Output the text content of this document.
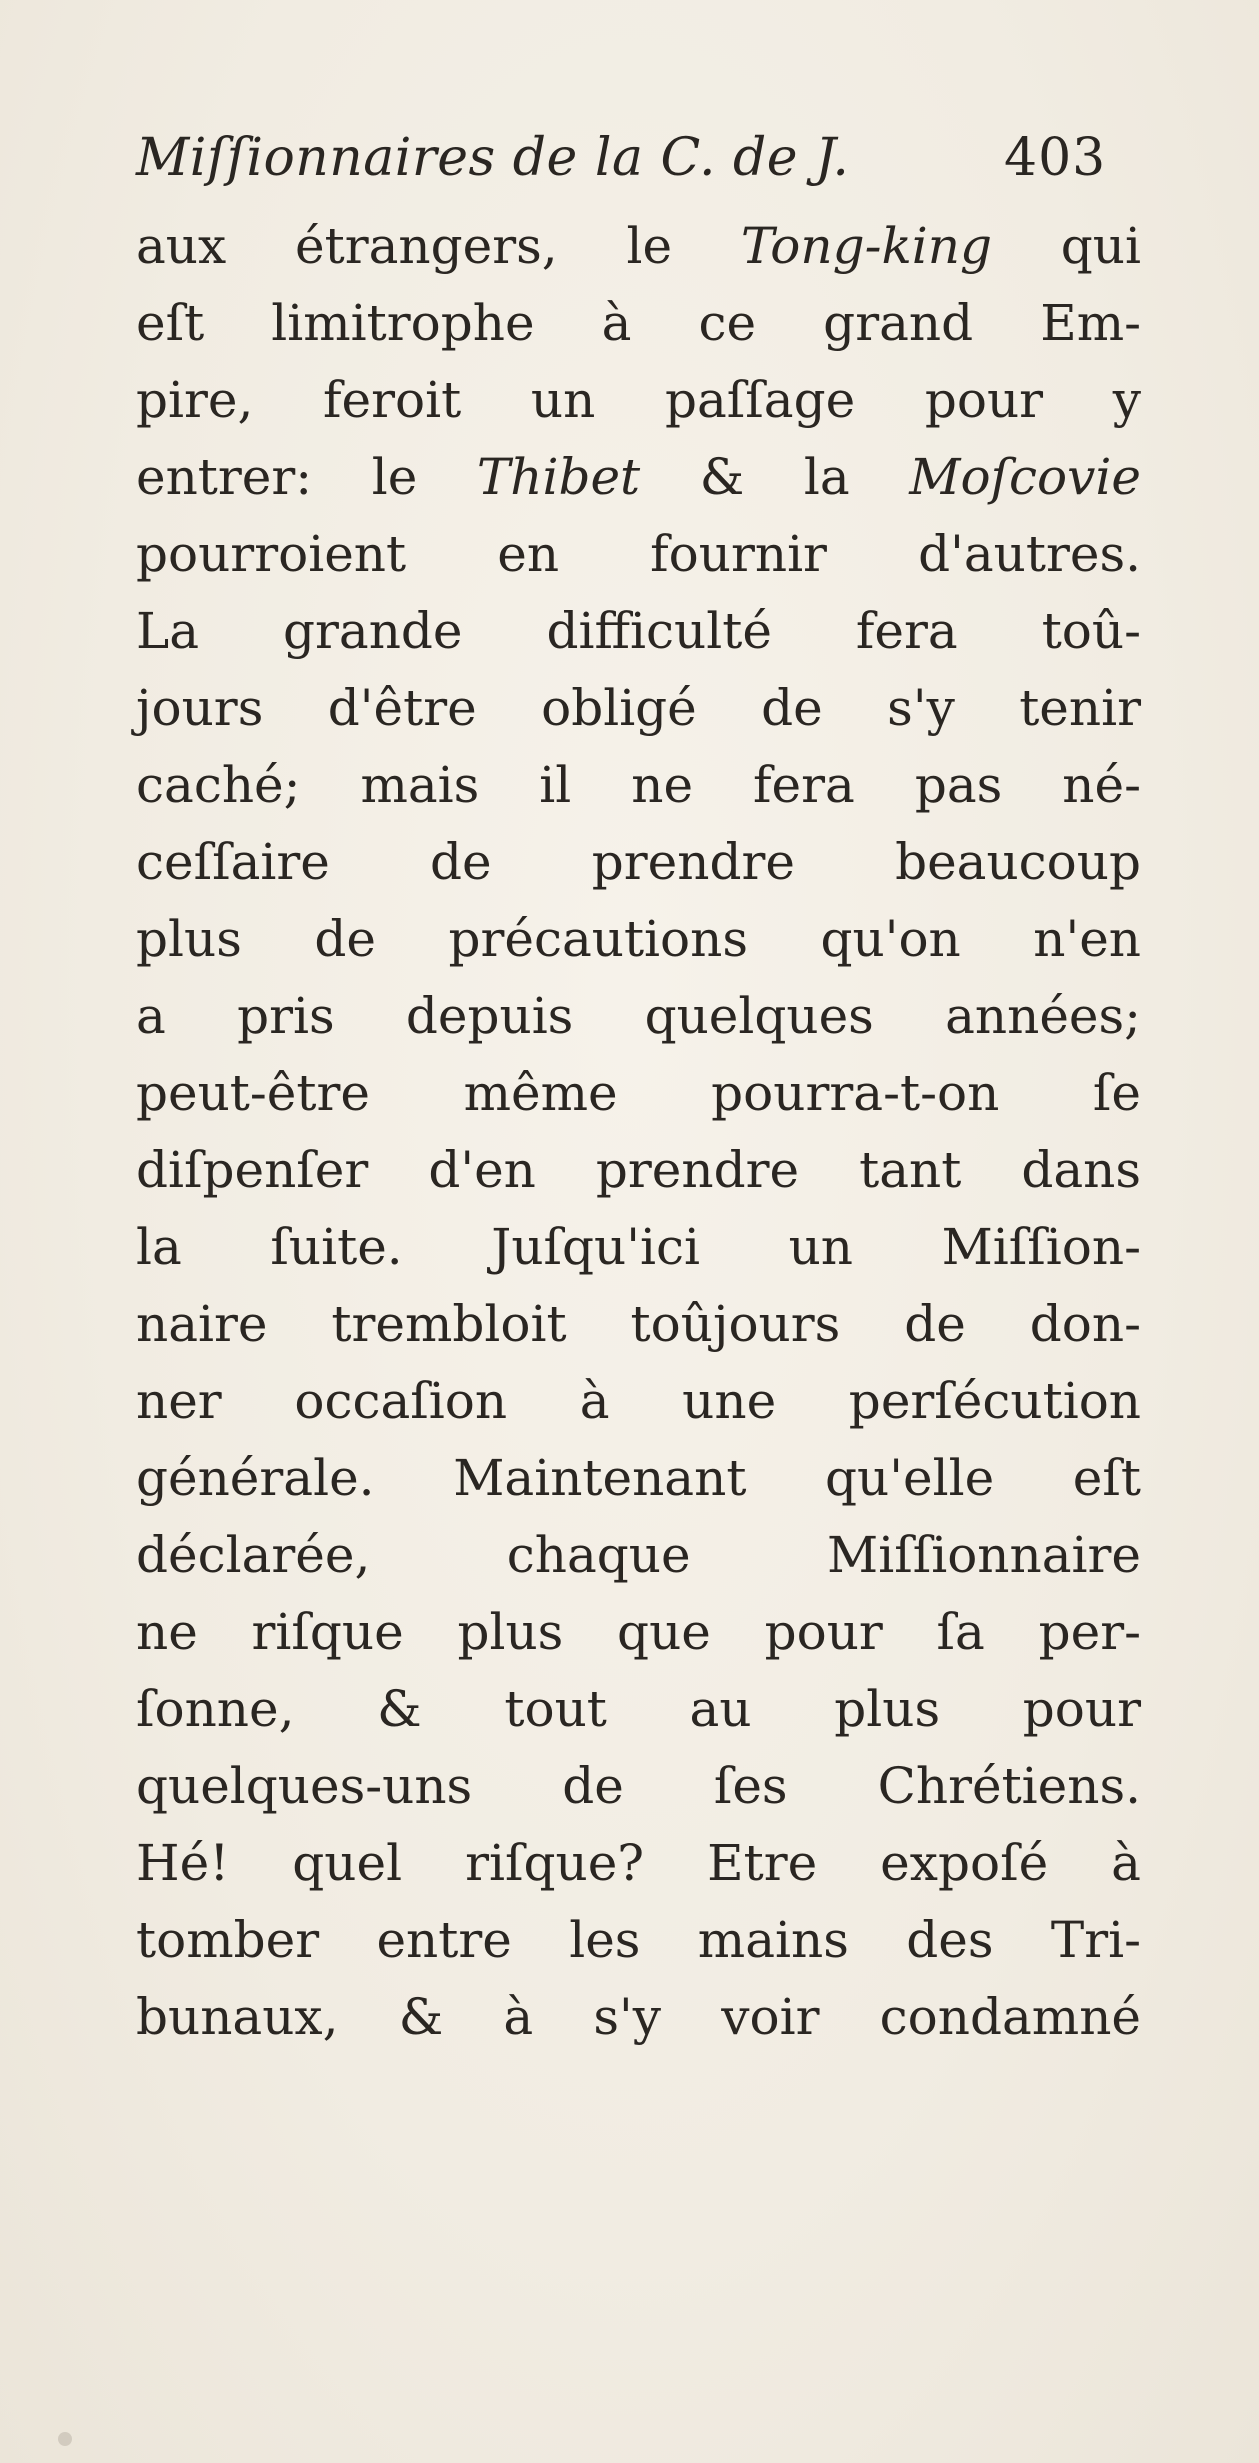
Miſſionnaires de la C. de J.	403
aux étrangers, le Tong-king qui
eſt limitrophe à ce grand Em-
pire, feroit un paſſage pour y
entrer: le Thibet & la Moſcovie
pourroient en fournir d'autres.
La grande difficulté fera toû-
jours d'être obligé de s'y tenir
caché; mais il ne fera pas né-
ceſſaire de prendre beaucoup
plus de précautions qu'on n'en
a pris depuis quelques années;
peut-être même pourra-t-on ſe
diſpenſer d'en prendre tant dans
la ſuite. Juſqu'ici un Miſſion-
naire trembloit toûjours de don-
ner occaſion à une perſécution
générale. Maintenant qu'elle eſt
déclarée, chaque Miſſionnaire
ne riſque plus que pour ſa per-
ſonne, & tout au plus pour
quelques-uns de ſes Chrétiens.
Hé! quel riſque? Etre expoſé à
tomber entre les mains des Tri-
bunaux, & à s'y voir condamné
